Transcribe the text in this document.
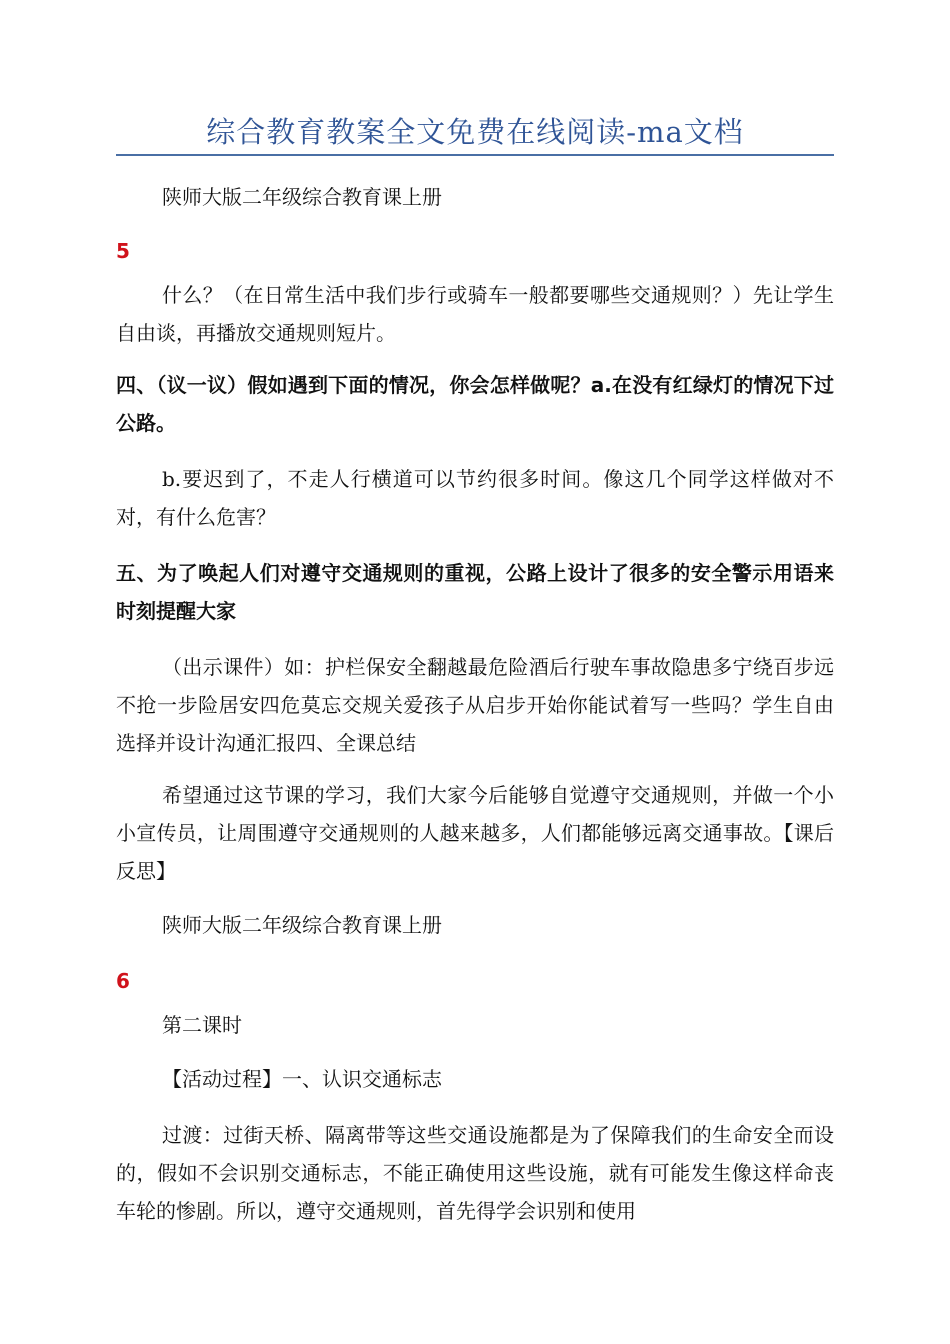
综合教育教案全文免费在线阅读-ma文档

陕师大版二年级综合教育课上册

5

什么？（在日常生活中我们步行或骑车一般都要哪些交通规则？）先让学生自由谈，再播放交通规则短片。

四、（议一议）假如遇到下面的情况，你会怎样做呢？a.在没有红绿灯的情况下过公路。

b.要迟到了，不走人行横道可以节约很多时间。像这几个同学这样做对不对，有什么危害？

五、为了唤起人们对遵守交通规则的重视，公路上设计了很多的安全警示用语来时刻提醒大家

（出示课件）如：护栏保安全翻越最危险酒后行驶车事故隐患多宁绕百步远不抢一步险居安四危莫忘交规关爱孩子从启步开始你能试着写一些吗？学生自由选择并设计沟通汇报四、全课总结

希望通过这节课的学习，我们大家今后能够自觉遵守交通规则，并做一个小小宣传员，让周围遵守交通规则的人越来越多，人们都能够远离交通事故。【课后反思】

陕师大版二年级综合教育课上册

6

第二课时

【活动过程】一、认识交通标志

过渡：过街天桥、隔离带等这些交通设施都是为了保障我们的生命安全而设的，假如不会识别交通标志，不能正确使用这些设施，就有可能发生像这样命丧车轮的惨剧。所以，遵守交通规则，首先得学会识别和使用
